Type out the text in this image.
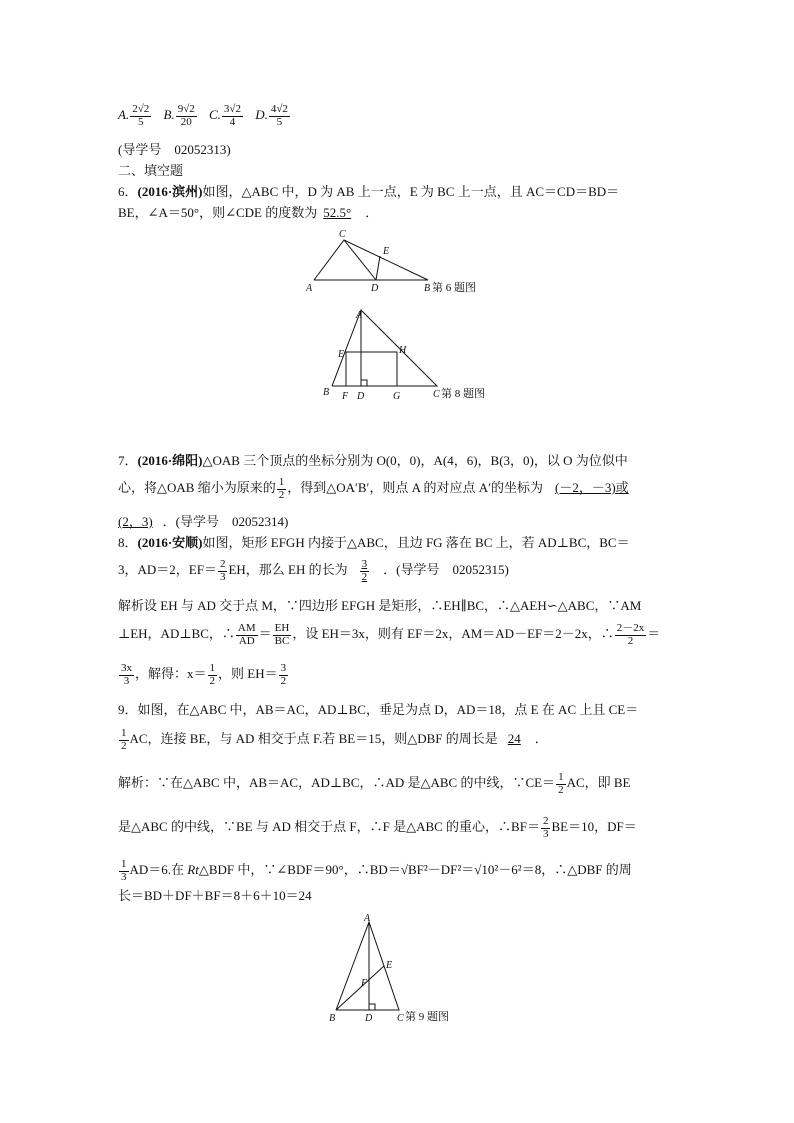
A. $\frac{2√2}{5} B$. $\frac{9√2}{20} C$. $\frac{3√2}{4} D$. $\frac{4√2}{5}$
(导学号　02052313)
二、填空题
6．(2016·滨州)如图，△ABC 中，D 为 AB 上一点，E 为 BC 上一点，且 AC＝CD＝BD＝
BE，∠A＝50°，则∠CDE 的度数为 52.5° ．
C
E
A	D	B 第 6 题图
A
E	H
B F D	G	C 第 8 题图
A
E
F
B	D C 第 9 题图
7．(2016·绵阳)△OAB 三个顶点的坐标分别为 O(0，0)，A(4，6)，B(3，0)，以 O 为位似中
心，将△OAB 缩小为原来的 $\frac{1}{2}$ ，得到△OA′B′，则点 A 的对应点 A′的坐标为 (－2，－3)或
(2，3) ．(导学号　02052314)
8．(2016·安顺)如图，矩形 EFGH 内接于△ABC，且边 FG 落在 BC 上，若 AD⊥BC，BC＝
3，AD＝2，$EF= \frac{2}{3}$ EH，那么 EH 的长为 $\frac{3}{2}$ ．(导学号　02052315)
解析设 EH 与 AD 交于点 M，∵四边形 EFGH 是矩形，∴EH∥BC，∴△AEH∽△ABC，∵AM
⊥EH，AD⊥BC，∴ $\frac{AM}{AD} = \frac{EH}{BC}$ ，设 EH＝3x，则有 EF＝2x，AM＝AD－EF＝2－2x，∴ $\frac{2-2x}{2}$ ＝
$\frac{3x}{3}$ ，解得：$x= \frac{1}{2}$ ，则 $EH= \frac{3}{2}$
9．如图，在△ABC 中，AB＝AC，AD⊥BC，垂足为点 D，AD＝18，点 E 在 AC 上且 CE＝
$\frac{1}{2}$ AC，连接 BE，与 AD 相交于点 F.若 BE＝15，则△DBF 的周长是 24 ．
解析：∵在△ABC 中，AB＝AC，AD⊥BC，∴AD 是△ABC 的中线，∵CE＝ $\frac{1}{2}$ AC，即 BE
是△ABC 的中线，∵BE 与 AD 相交于点 F，∴F 是△ABC 的重心，∴BF＝ $\frac{2}{3} BE=10$，DF＝
$\frac{1}{3} AD=6$.在 Rt△BDF 中，∵∠BDF＝90°，∴BD＝√BF²－DF²＝√10²－6²＝8，∴△DBF 的周
长＝BD＋DF＋BF＝8＋6＋10＝24
